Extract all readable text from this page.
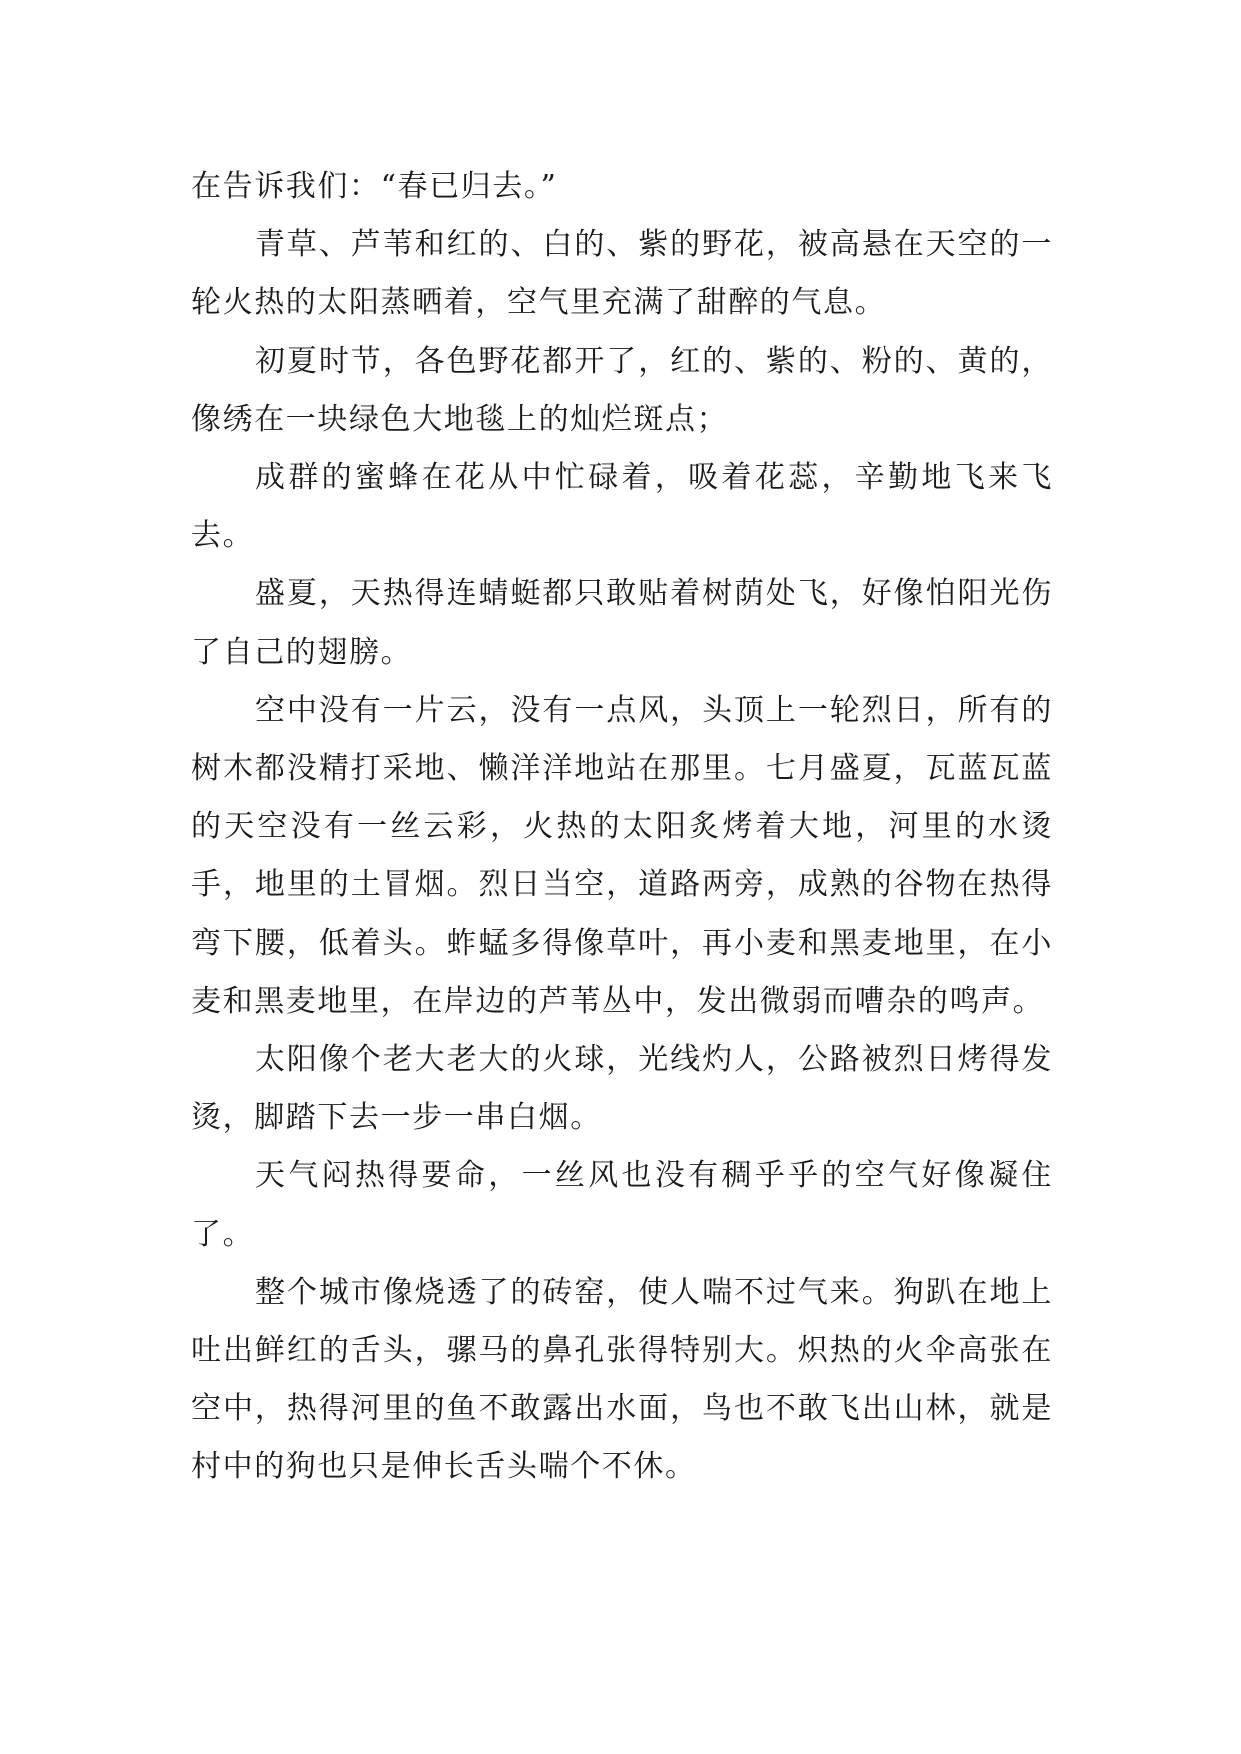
在告诉我们：“春已归去。”

青草、芦苇和红的、白的、紫的野花，被高悬在天空的一轮火热的太阳蒸晒着，空气里充满了甜醉的气息。

初夏时节，各色野花都开了，红的、紫的、粉的、黄的，像绣在一块绿色大地毯上的灿烂斑点；

成群的蜜蜂在花从中忙碌着，吸着花蕊，辛勤地飞来飞去。

盛夏，天热得连蜻蜓都只敢贴着树荫处飞，好像怕阳光伤了自己的翅膀。

空中没有一片云，没有一点风，头顶上一轮烈日，所有的树木都没精打采地、懒洋洋地站在那里。七月盛夏，瓦蓝瓦蓝的天空没有一丝云彩，火热的太阳炙烤着大地，河里的水烫手，地里的土冒烟。烈日当空，道路两旁，成熟的谷物在热得弯下腰，低着头。蚱蜢多得像草叶，再小麦和黑麦地里，在小麦和黑麦地里，在岸边的芦苇丛中，发出微弱而嘈杂的鸣声。

太阳像个老大老大的火球，光线灼人，公路被烈日烤得发烫，脚踏下去一步一串白烟。

天气闷热得要命，一丝风也没有稠乎乎的空气好像凝住了。

整个城市像烧透了的砖窑，使人喘不过气来。狗趴在地上吐出鲜红的舌头，骡马的鼻孔张得特别大。炽热的火伞高张在空中，热得河里的鱼不敢露出水面，鸟也不敢飞出山林，就是村中的狗也只是伸长舌头喘个不休。
